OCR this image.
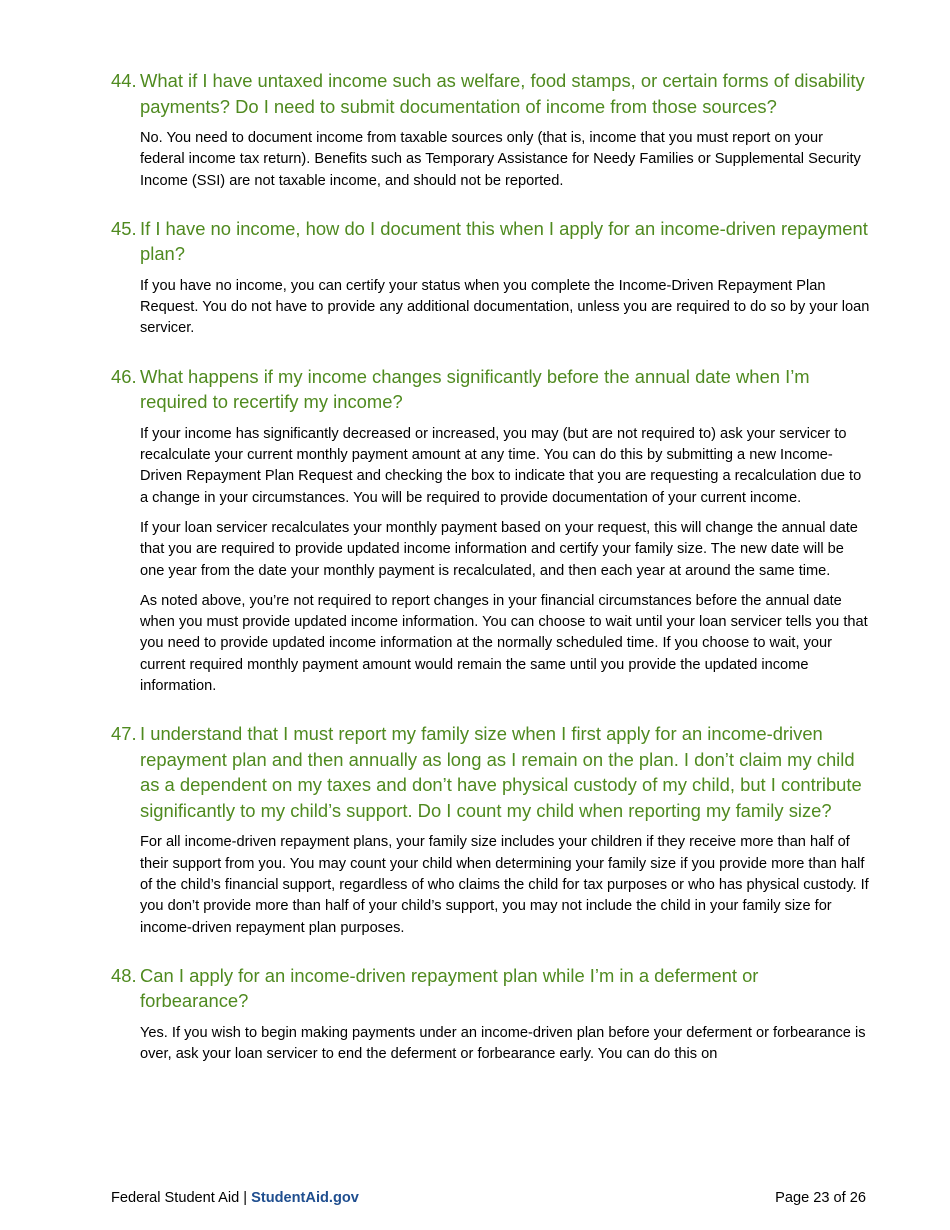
44. What if I have untaxed income such as welfare, food stamps, or certain forms of disability payments? Do I need to submit documentation of income from those sources?

No. You need to document income from taxable sources only (that is, income that you must report on your federal income tax return). Benefits such as Temporary Assistance for Needy Families or Supplemental Security Income (SSI) are not taxable income, and should not be reported.

45. If I have no income, how do I document this when I apply for an income-driven repayment plan?

If you have no income, you can certify your status when you complete the Income-Driven Repayment Plan Request. You do not have to provide any additional documentation, unless you are required to do so by your loan servicer.

46. What happens if my income changes significantly before the annual date when I’m required to recertify my income?

If your income has significantly decreased or increased, you may (but are not required to) ask your servicer to recalculate your current monthly payment amount at any time. You can do this by submitting a new Income-Driven Repayment Plan Request and checking the box to indicate that you are requesting a recalculation due to a change in your circumstances. You will be required to provide documentation of your current income.

If your loan servicer recalculates your monthly payment based on your request, this will change the annual date that you are required to provide updated income information and certify your family size. The new date will be one year from the date your monthly payment is recalculated, and then each year at around the same time.

As noted above, you’re not required to report changes in your financial circumstances before the annual date when you must provide updated income information. You can choose to wait until your loan servicer tells you that you need to provide updated income information at the normally scheduled time. If you choose to wait, your current required monthly payment amount would remain the same until you provide the updated income information.

47. I understand that I must report my family size when I first apply for an income-driven repayment plan and then annually as long as I remain on the plan. I don’t claim my child as a dependent on my taxes and don’t have physical custody of my child, but I contribute significantly to my child’s support. Do I count my child when reporting my family size?

For all income-driven repayment plans, your family size includes your children if they receive more than half of their support from you. You may count your child when determining your family size if you provide more than half of the child’s financial support, regardless of who claims the child for tax purposes or who has physical custody. If you don’t provide more than half of your child’s support, you may not include the child in your family size for income-driven repayment plan purposes.

48. Can I apply for an income-driven repayment plan while I’m in a deferment or forbearance?

Yes. If you wish to begin making payments under an income-driven plan before your deferment or forbearance is over, ask your loan servicer to end the deferment or forbearance early. You can do this on

Federal Student Aid | StudentAid.gov	Page 23 of 26
